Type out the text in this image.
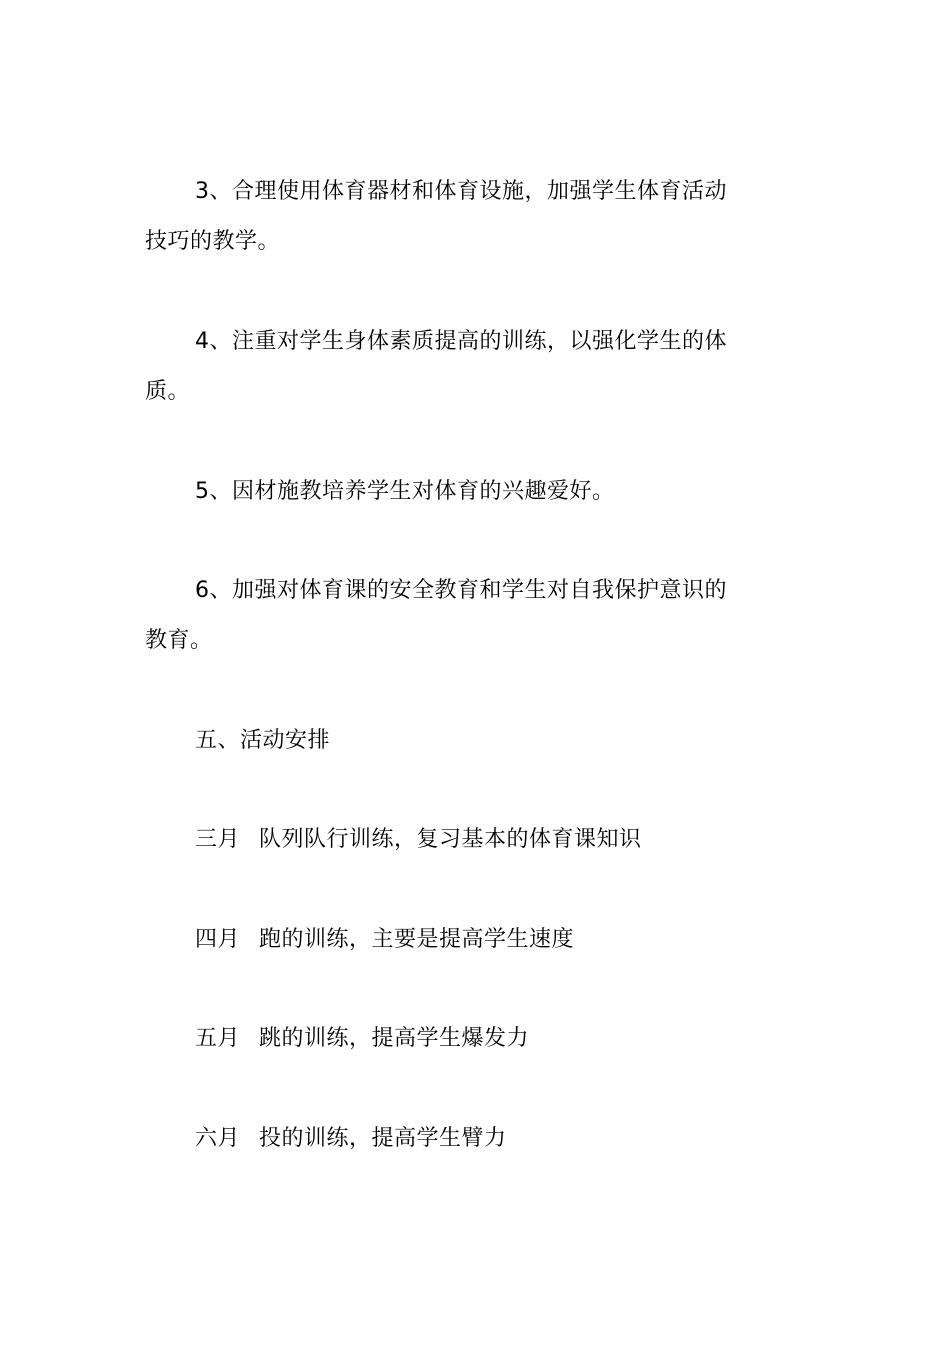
3、合理使用体育器材和体育设施，加强学生体育活动技巧的教学。

4、注重对学生身体素质提高的训练，以强化学生的体质。

5、因材施教培养学生对体育的兴趣爱好。

6、加强对体育课的安全教育和学生对自我保护意识的教育。

五、活动安排
三月 队列队行训练，复习基本的体育课知识
四月 跑的训练，主要是提高学生速度
五月 跳的训练，提高学生爆发力
六月 投的训练，提高学生臂力
